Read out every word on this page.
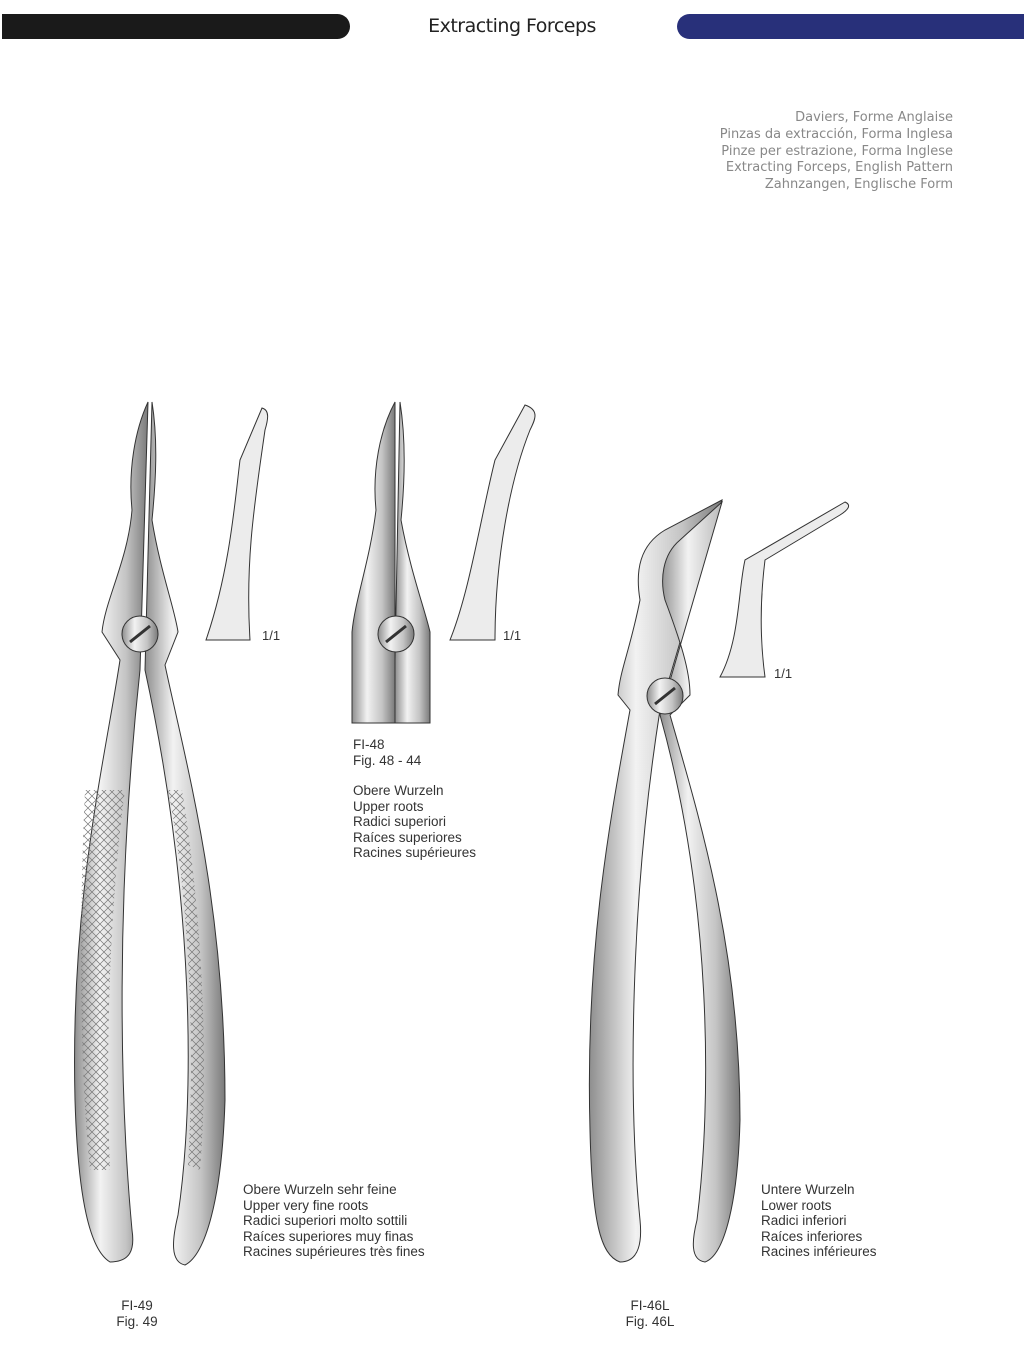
Extracting Forceps
Daviers, Forme Anglaise
Pinzas da extracción, Forma Inglesa
Pinze per estrazione, Forma Inglese
Extracting Forceps, English Pattern
Zahnzangen, Englische Form
1/1	1/1
1/1
Obere Wurzeln sehr feine
Upper very fine roots
Radici superiori molto sottili
Raíces superiores muy finas
Racines supérieures très fines
FI-49
Fig. 49
FI-48
Fig. 48 - 44
Obere Wurzeln
Upper roots
Radici superiori
Raíces superiores
Racines supérieures
Untere Wurzeln
Lower roots
Radici inferiori
Raíces inferiores
Racines inférieures
FI-46L
Fig. 46L
